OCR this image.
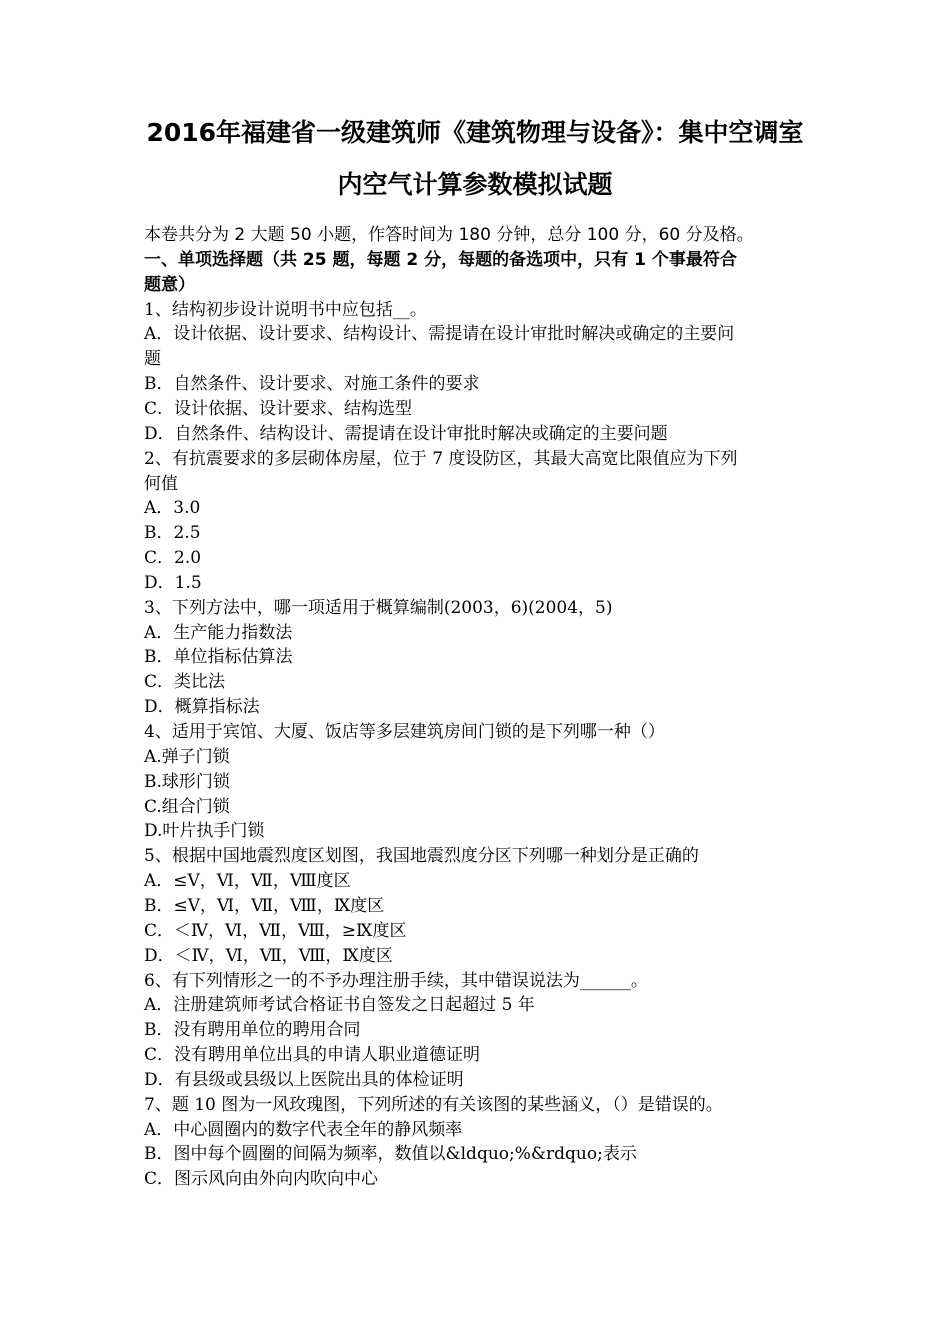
2016年福建省一级建筑师《建筑物理与设备》：集中空调室
内空气计算参数模拟试题
本卷共分为 2 大题 50 小题，作答时间为 180 分钟，总分 100 分，60 分及格。
一、单项选择题（共 25 题，每题 2 分，每题的备选项中，只有 1 个事最符合
题意）
1、结构初步设计说明书中应包括__。
A．设计依据、设计要求、结构设计、需提请在设计审批时解决或确定的主要问
题
B．自然条件、设计要求、对施工条件的要求
C．设计依据、设计要求、结构选型
D．自然条件、结构设计、需提请在设计审批时解决或确定的主要问题
2、有抗震要求的多层砌体房屋，位于 7 度设防区，其最大高宽比限值应为下列
何值
A．3.0
B．2.5
C．2.0
D．1.5
3、下列方法中，哪一项适用于概算编制(2003，6)(2004，5)
A．生产能力指数法
B．单位指标估算法
C．类比法
D．概算指标法
4、适用于宾馆、大厦、饭店等多层建筑房间门锁的是下列哪一种（）
A.弹子门锁
B.球形门锁
C.组合门锁
D.叶片执手门锁
5、根据中国地震烈度区划图，我国地震烈度分区下列哪一种划分是正确的
A．≤Ⅴ，Ⅵ，Ⅶ，Ⅷ度区
B．≤Ⅴ，Ⅵ，Ⅶ，Ⅷ，Ⅸ度区
C．＜Ⅳ，Ⅵ，Ⅶ，Ⅷ，≥Ⅸ度区
D．＜Ⅳ，Ⅵ，Ⅶ，Ⅷ，Ⅸ度区
6、有下列情形之一的不予办理注册手续，其中错误说法为______。
A．注册建筑师考试合格证书自签发之日起超过 5 年
B．没有聘用单位的聘用合同
C．没有聘用单位出具的申请人职业道德证明
D．有县级或县级以上医院出具的体检证明
7、题 10 图为一风玫瑰图，下列所述的有关该图的某些涵义，（）是错误的。
A．中心圆圈内的数字代表全年的静风频率
B．图中每个圆圈的间隔为频率，数值以&ldquo;%&rdquo;表示
C．图示风向由外向内吹向中心
